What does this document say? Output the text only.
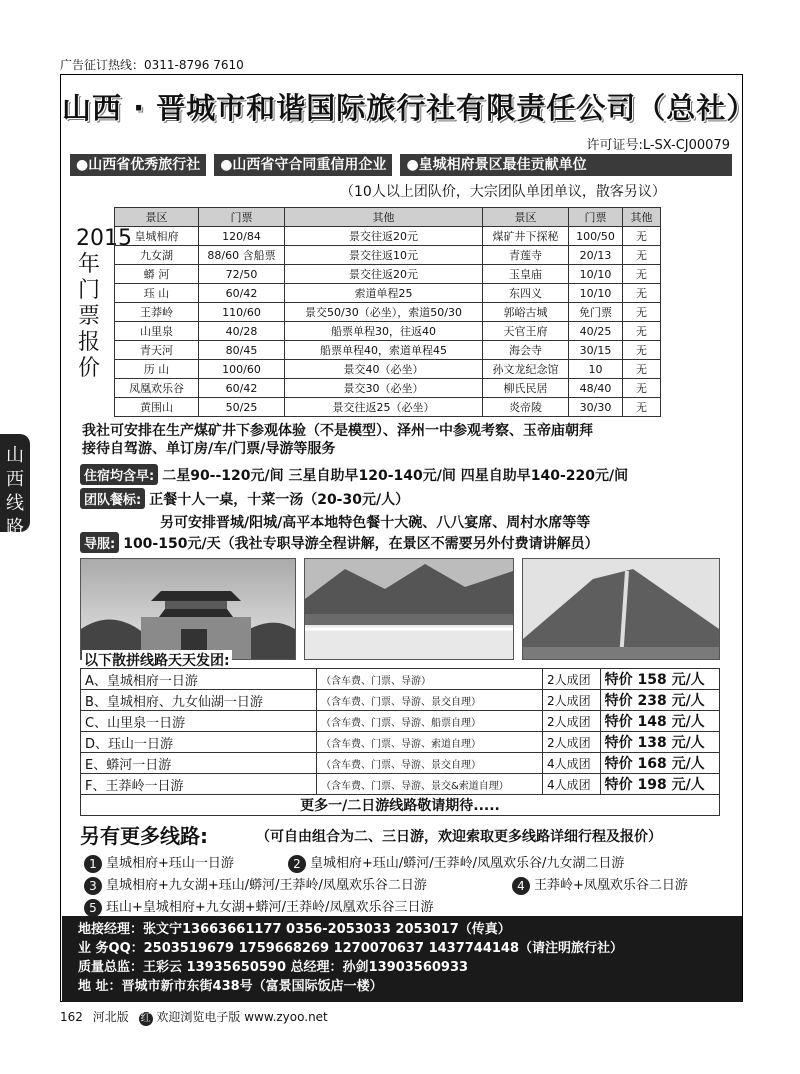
广告征订热线：0311-8796 7610
山西 · 晋城市和谐国际旅行社有限责任公司（总社）
许可证号:L-SX-CJ00079
●山西省优秀旅行社	●山西省守合同重信用企业	●皇城相府景区最佳贡献单位
（10人以上团队价，大宗团队单团单议，散客另议）
2015年门票报价
景区	门票	其他	景区	门票	其他
皇城相府	120/84	景交往返20元	煤矿井下探秘	100/50	无
九女湖	88/60 含船票	景交往返10元	青莲寺	20/13	无
蟒 河	72/50	景交往返20元	玉皇庙	10/10	无
珏 山	60/42	索道单程25	东四义	10/10	无
王莽岭	110/60	景交50/30（必坐），索道50/30	郭峪古城	免门票	无
山里泉	40/28	船票单程30，往返40	天官王府	40/25	无
青天河	80/45	船票单程40，索道单程45	海会寺	30/15	无
历 山	100/60	景交40（必坐）	孙文龙纪念馆	10	无
凤凰欢乐谷	60/42	景交30（必坐）	柳氏民居	48/40	无
黄围山	50/25	景交往返25（必坐）	炎帝陵	30/30	无
山西线路
我社可安排在生产煤矿井下参观体验（不是模型）、泽州一中参观考察、玉帝庙朝拜
接待自驾游、单订房/车/门票/导游等服务
住宿均含早: 二星90--120元/间 三星自助早120-140元/间 四星自助早140-220元/间
团队餐标: 正餐十人一桌，十菜一汤（20-30元/人）
另可安排晋城/阳城/高平本地特色餐十大碗、八八宴席、周村水席等等
导服: 100-150元/天（我社专职导游全程讲解，在景区不需要另外付费请讲解员）
以下散拼线路天天发团:
A、皇城相府一日游	（含车费、门票、导游）	2人成团	特价 158 元/人
B、皇城相府、九女仙湖一日游	（含车费、门票、导游、景交自理）	2人成团	特价 238 元/人
C、山里泉一日游	（含车费、门票、导游、船票自理）	2人成团	特价 148 元/人
D、珏山一日游	（含车费、门票、导游、索道自理）	2人成团	特价 138 元/人
E、蟒河一日游	（含车费、门票、导游、景交自理）	4人成团	特价 168 元/人
F、王莽岭一日游	（含车费、门票、导游、景交&索道自理）	4人成团	特价 198 元/人
更多一/二日游线路敬请期待.....			
另有更多线路:	（可自由组合为二、三日游，欢迎索取更多线路详细行程及报价）
1 皇城相府+珏山一日游	2 皇城相府+珏山/蟒河/王莽岭/凤凰欢乐谷/九女湖二日游
3 皇城相府+九女湖+珏山/蟒河/王莽岭/凤凰欢乐谷二日游	4 王莽岭+凤凰欢乐谷二日游
5 珏山+皇城相府+九女湖+蟒河/王莽岭/凤凰欢乐谷三日游
地接经理：张文宁13663661177 0356-2053033 2053017（传真）
业 务QQ：2503519679 1759668269 1270070637 1437744148（请注明旅行社）
质量总监：王彩云 13935650590 总经理：孙剑13903560933
地 址：晋城市新市东街438号（富景国际饭店一楼）
162 河北版 红 欢迎浏览电子版 www.zyoo.net
